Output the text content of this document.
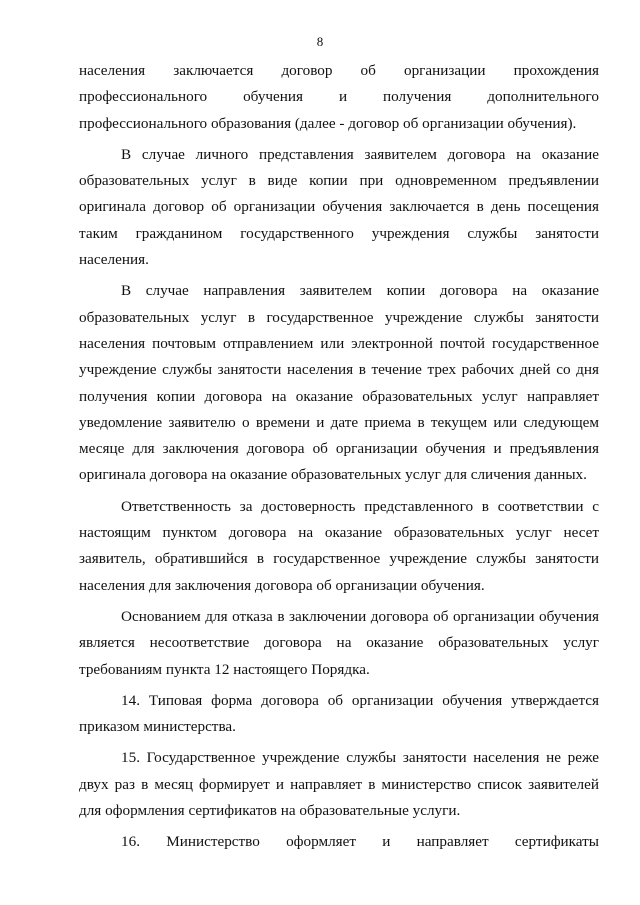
8

населения заключается договор об организации прохождения профессионального обучения и получения дополнительного профессионального образования (далее - договор об организации обучения).

В случае личного представления заявителем договора на оказание образовательных услуг в виде копии при одновременном предъявлении оригинала договор об организации обучения заключается в день посещения таким гражданином государственного учреждения службы занятости населения.

В случае направления заявителем копии договора на оказание образовательных услуг в государственное учреждение службы занятости населения почтовым отправлением или электронной почтой государственное учреждение службы занятости населения в течение трех рабочих дней со дня получения копии договора на оказание образовательных услуг направляет уведомление заявителю о времени и дате приема в текущем или следующем месяце для заключения договора об организации обучения и предъявления оригинала договора на оказание образовательных услуг для сличения данных.

Ответственность за достоверность представленного в соответствии с настоящим пунктом договора на оказание образовательных услуг несет заявитель, обратившийся в государственное учреждение службы занятости населения для заключения договора об организации обучения.

Основанием для отказа в заключении договора об организации обучения является несоответствие договора на оказание образовательных услуг требованиям пункта 12 настоящего Порядка.

14. Типовая форма договора об организации обучения утверждается приказом министерства.

15. Государственное учреждение службы занятости населения не реже двух раз в месяц формирует и направляет в министерство список заявителей для оформления сертификатов на образовательные услуги.

16. Министерство оформляет и направляет сертификаты
